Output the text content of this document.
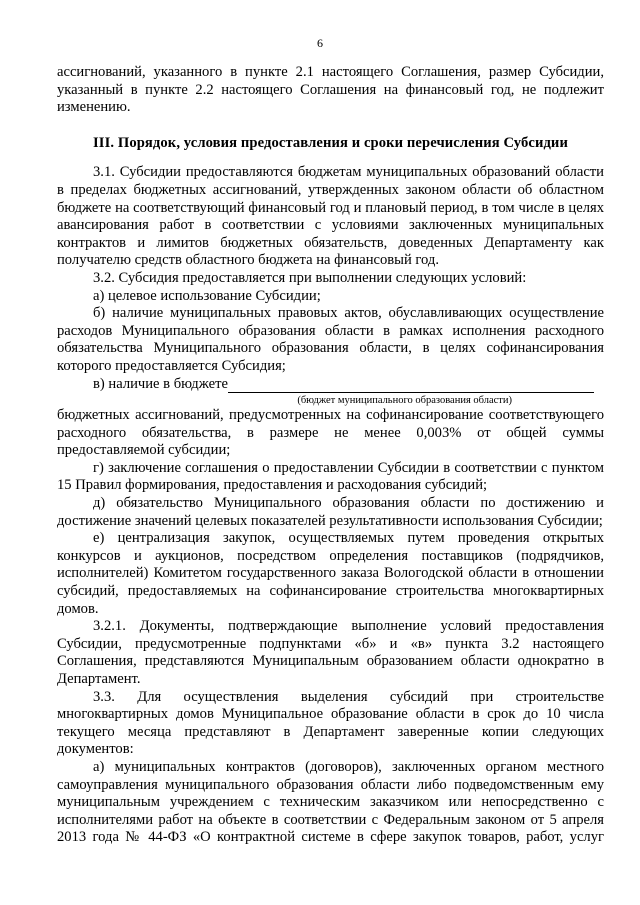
6

ассигнований, указанного в пункте 2.1 настоящего Соглашения, размер Субсидии, указанный в пункте 2.2 настоящего Соглашения на финансовый год, не подлежит изменению.

III. Порядок, условия предоставления и сроки перечисления Субсидии

3.1. Субсидии предоставляются бюджетам муниципальных образований области в пределах бюджетных ассигнований, утвержденных законом области об областном бюджете на соответствующий финансовый год и плановый период, в том числе в целях авансирования работ в соответствии с условиями заключенных муниципальных контрактов и лимитов бюджетных обязательств, доведенных Департаменту как получателю средств областного бюджета на финансовый год.

3.2. Субсидия предоставляется при выполнении следующих условий:

а) целевое использование Субсидии;

б) наличие муниципальных правовых актов, обуславливающих осуществление расходов Муниципального образования области в рамках исполнения расходного обязательства Муниципального образования области, в целях софинансирования которого предоставляется Субсидия;

в) наличие в бюджете
(бюджет муниципального образования области)

бюджетных ассигнований, предусмотренных на софинансирование соответствующего расходного обязательства, в размере не менее 0,003% от общей суммы предоставляемой субсидии;

г) заключение соглашения о предоставлении Субсидии в соответствии с пунктом 15 Правил формирования, предоставления и расходования субсидий;

д) обязательство Муниципального образования области по достижению и достижение значений целевых показателей результативности использования Субсидии;

е) централизация закупок, осуществляемых путем проведения открытых конкурсов и аукционов, посредством определения поставщиков (подрядчиков, исполнителей) Комитетом государственного заказа Вологодской области в отношении субсидий, предоставляемых на софинансирование строительства многоквартирных домов.

3.2.1. Документы, подтверждающие выполнение условий предоставления Субсидии, предусмотренные подпунктами «б» и «в» пункта 3.2 настоящего Соглашения, представляются Муниципальным образованием области однократно в Департамент.

3.3. Для осуществления выделения субсидий при строительстве многоквартирных домов Муниципальное образование области в срок до 10 числа текущего месяца представляют в Департамент заверенные копии следующих документов:

а) муниципальных контрактов (договоров), заключенных органом местного самоуправления муниципального образования области либо подведомственным ему муниципальным учреждением с техническим заказчиком или непосредственно с исполнителями работ на объекте в соответствии с Федеральным законом от 5 апреля 2013 года № 44-ФЗ «О контрактной системе в сфере закупок товаров, работ, услуг
